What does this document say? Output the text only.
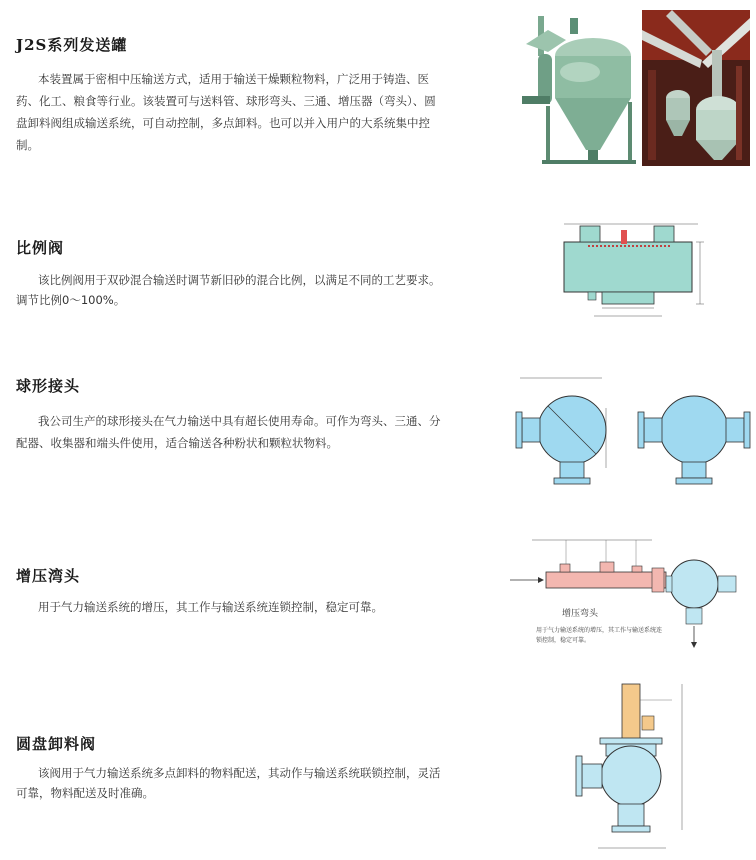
J2S系列发送罐
本装置属于密相中压输送方式，适用于输送干燥颗粒物料，广泛用于铸造、医
药、化工、粮食等行业。该装置可与送料管、球形弯头、三通、增压器（弯头）、圆
盘卸料阀组成输送系统，可自动控制，多点卸料。也可以并入用户的大系统集中控
制。
比例阀
该比例阀用于双砂混合输送时调节新旧砂的混合比例，以满足不同的工艺要求。
调节比例0～100%。
球形接头
我公司生产的球形接头在气力输送中具有超长使用寿命。可作为弯头、三通、分
配器、收集器和端头件使用，适合输送各种粉状和颗粒状物料。
增压湾头
用于气力输送系统的增压，其工作与输送系统连锁控制，稳定可靠。	增压弯头
用于气力输送系统的增压，其工作与输送系统连
锁控制，稳定可靠。
圆盘卸料阀
该阀用于气力输送系统多点卸料的物料配送，其动作与输送系统联锁控制，灵活
可靠，物料配送及时准确。
